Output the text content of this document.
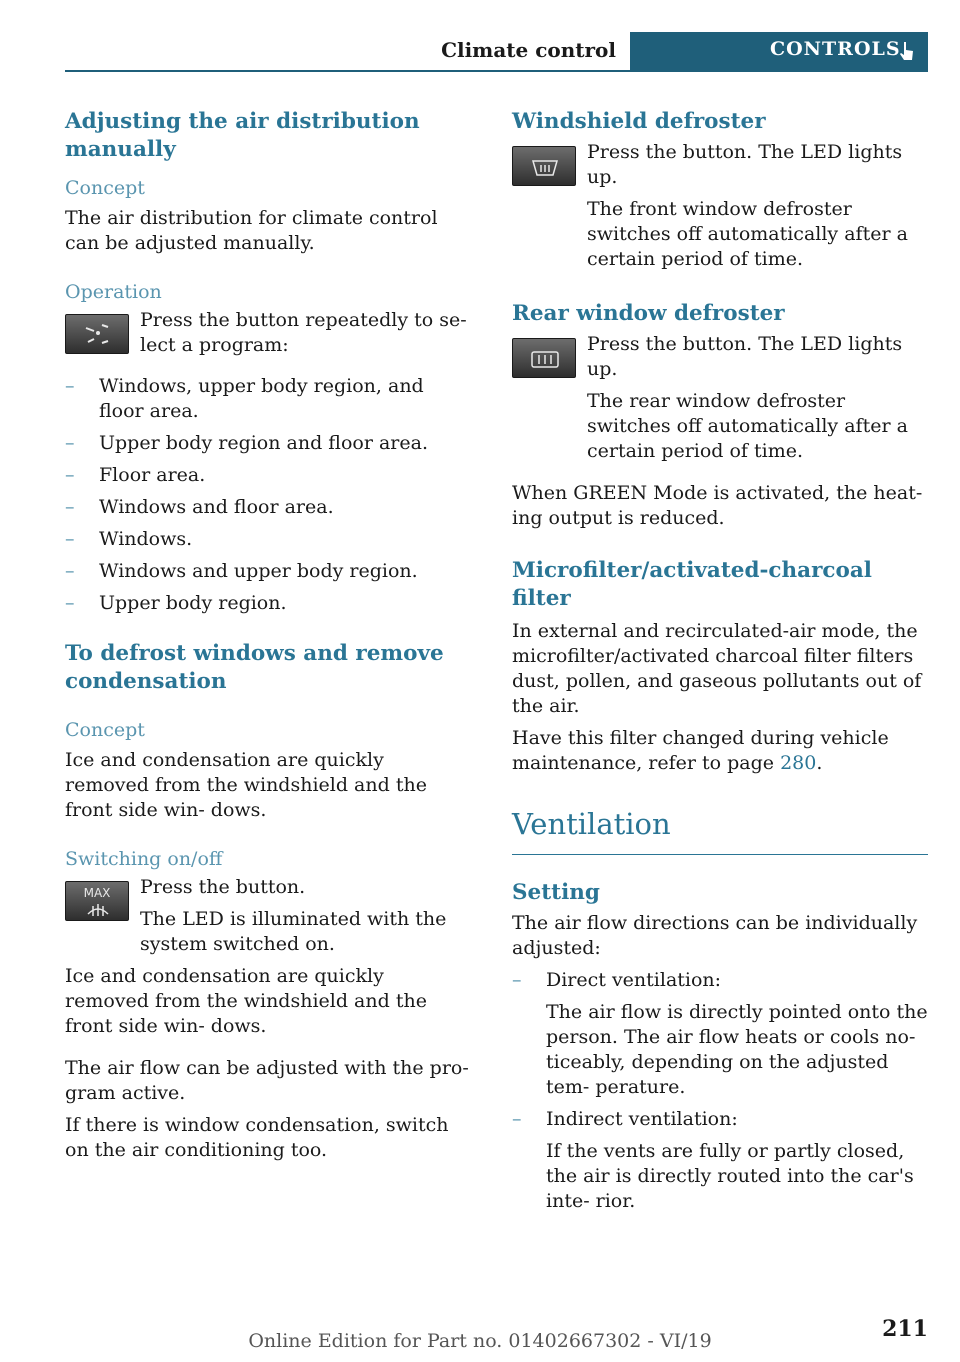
Climate control	CONTROLS
Adjusting the air distribution manually
Concept

The air distribution for climate control can be adjusted manually.

Operation

Press the button repeatedly to se- lect a program:

– Windows, upper body region, and floor area.
– Upper body region and floor area.
– Floor area.
– Windows and floor area.
– Windows.
– Windows and upper body region.
– Upper body region.
To defrost windows and remove condensation
Concept

Ice and condensation are quickly removed from the windshield and the front side win- dows.

Switching on/off
MAX	Press the button.

The LED is illuminated with the system switched on.

Ice and condensation are quickly removed from the windshield and the front side win- dows.

The air flow can be adjusted with the pro- gram active.

If there is window condensation, switch on the air conditioning too.

Windshield defroster

Press the button. The LED lights up.

The front window defroster switches off automatically after a certain period of time.

Rear window defroster

Press the button. The LED lights up.

The rear window defroster switches off automatically after a certain period of time.

When GREEN Mode is activated, the heat- ing output is reduced.

Microfilter/activated-charcoal filter

In external and recirculated-air mode, the microfilter/activated charcoal filter filters dust, pollen, and gaseous pollutants out of the air.

Have this filter changed during vehicle maintenance, refer to page 280.

Ventilation
Setting

The air flow directions can be individually adjusted:

– Direct ventilation:

The air flow is directly pointed onto the person. The air flow heats or cools no- ticeably, depending on the adjusted tem- perature.

– Indirect ventilation:

If the vents are fully or partly closed, the air is directly routed into the car's inte- rior.

211
Online Edition for Part no. 01402667302 - VI/19
